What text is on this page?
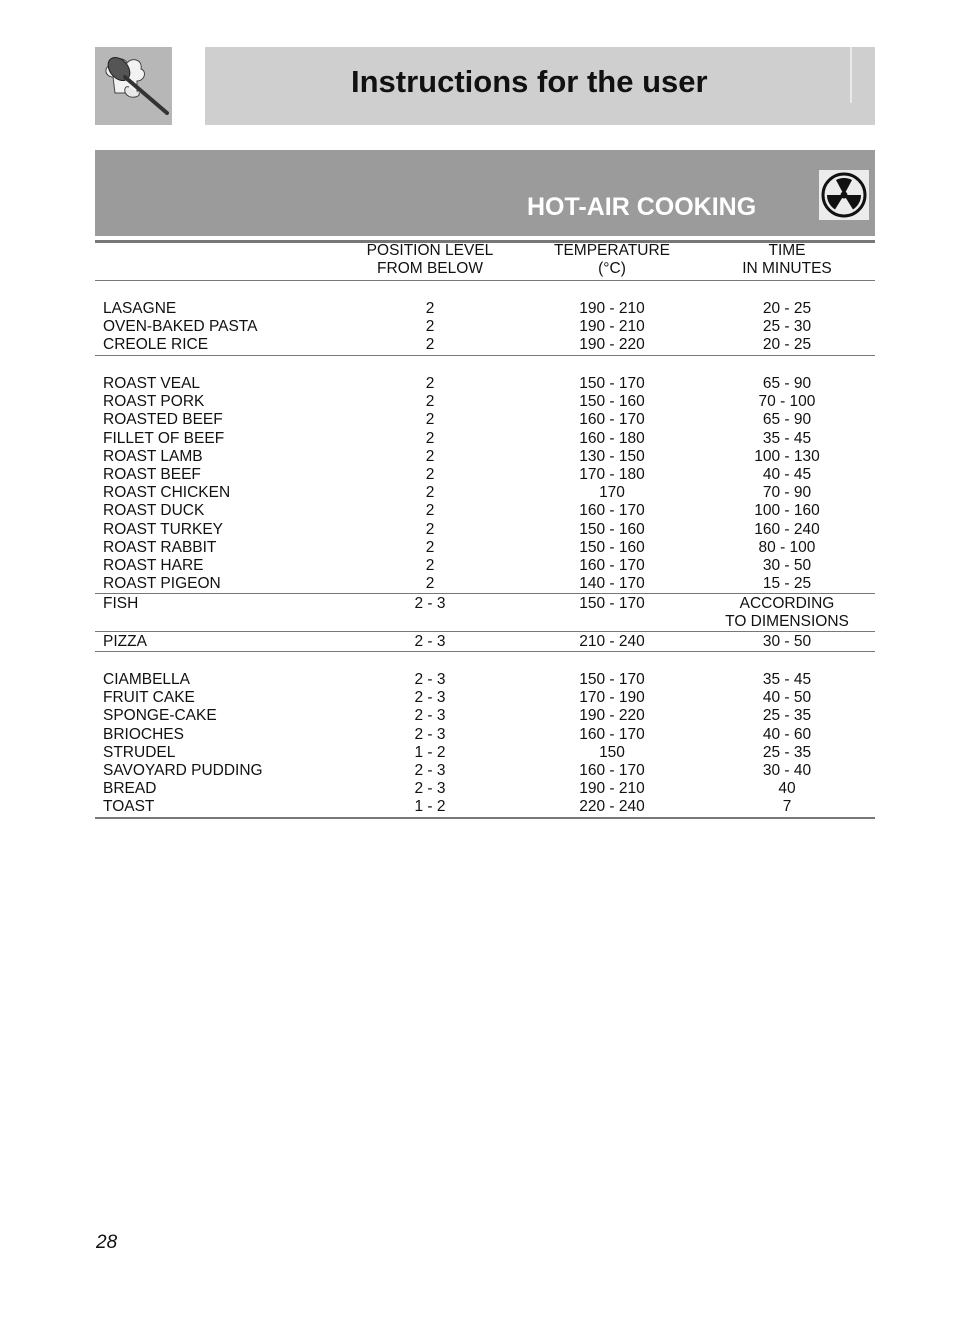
Instructions for the user
HOT-AIR COOKING
POSITION LEVEL
FROM BELOW
TEMPERATURE
(°C)
TIME
IN MINUTES
LASAGNE	2	190 - 210	20 - 25
OVEN-BAKED PASTA	2	190 - 210	25 - 30
CREOLE RICE	2	190 - 220	20 - 25
ROAST VEAL	2	150 - 170	65 - 90
ROAST PORK	2	150 - 160	70 - 100
ROASTED BEEF	2	160 - 170	65 - 90
FILLET OF BEEF	2	160 - 180	35 - 45
ROAST LAMB	2	130 - 150	100 - 130
ROAST BEEF	2	170 - 180	40 - 45
ROAST CHICKEN	2	170	70 - 90
ROAST DUCK	2	160 - 170	100 - 160
ROAST TURKEY	2	150 - 160	160 - 240
ROAST RABBIT	2	150 - 160	80 - 100
ROAST HARE	2	160 - 170	30 - 50
ROAST PIGEON	2	140 - 170	15 - 25
FISH	2 - 3	150 - 170	ACCORDING
TO DIMENSIONS
PIZZA	2 - 3	210 - 240	30 - 50
CIAMBELLA	2 - 3	150 - 170	35 - 45
FRUIT CAKE	2 - 3	170 - 190	40 - 50
SPONGE-CAKE	2 - 3	190 - 220	25 - 35
BRIOCHES	2 - 3	160 - 170	40 - 60
STRUDEL	1 - 2	150	25 - 35
SAVOYARD PUDDING	2 - 3	160 - 170	30 - 40
BREAD	2 - 3	190 - 210	40
TOAST	1 - 2	220 - 240	7
28
